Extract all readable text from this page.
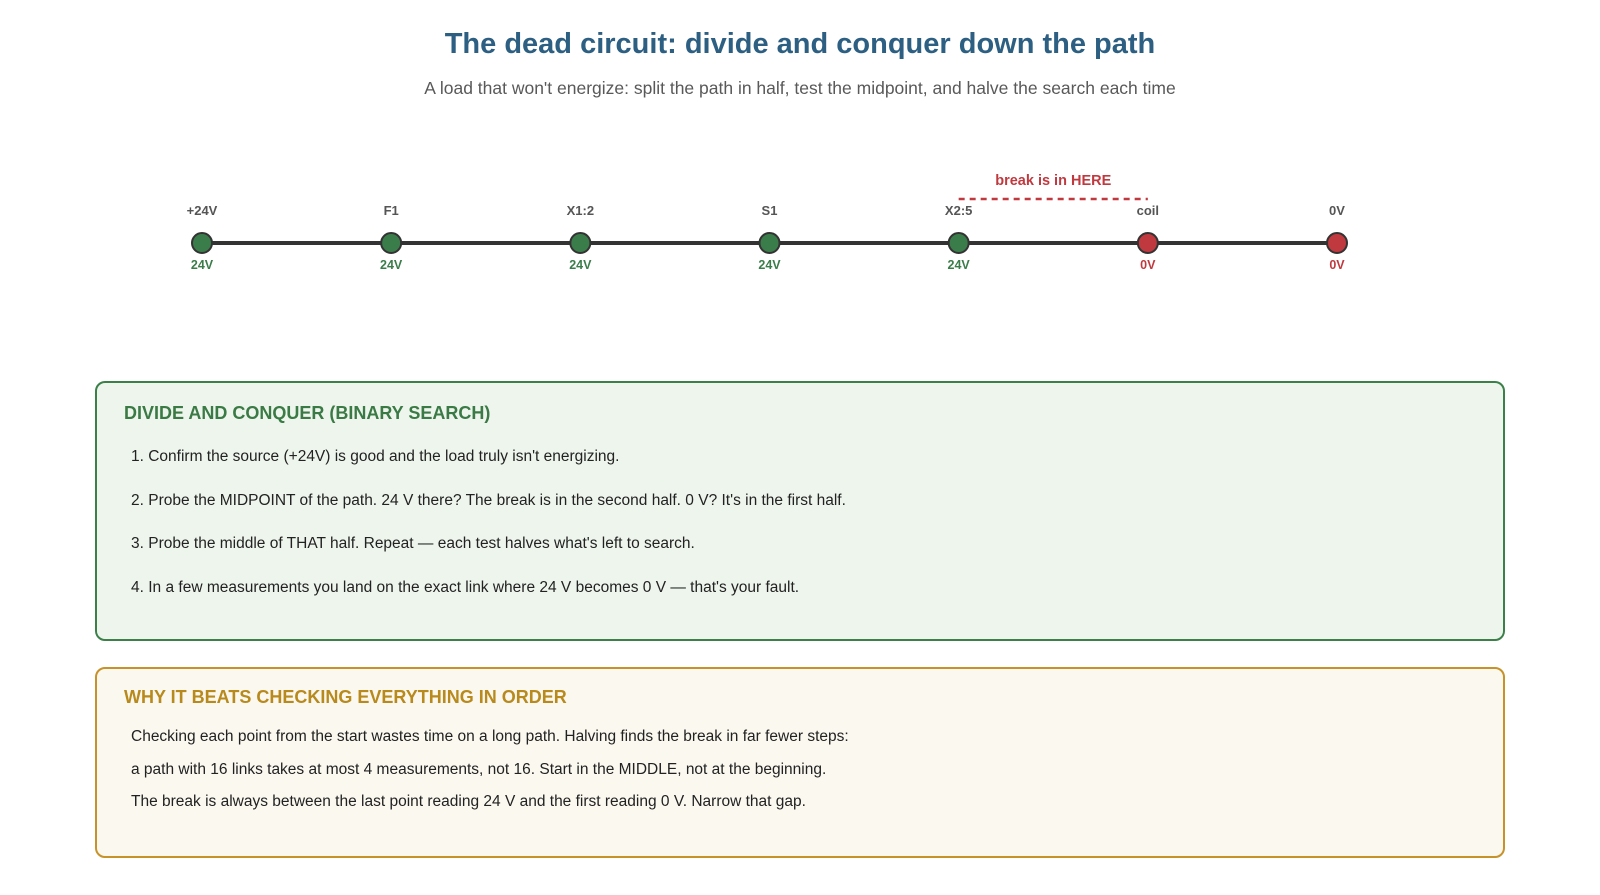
The dead circuit: divide and conquer down the path
A load that won't energize: split the path in half, test the midpoint, and halve the search each time
break is in HERE
+24V
24V
F1
24V
X1:2
24V
S1
24V
X2:5
24V
coil
0V
0V
0V
DIVIDE AND CONQUER (BINARY SEARCH)
1. Confirm the source (+24V) is good and the load truly isn't energizing.
2. Probe the MIDPOINT of the path. 24 V there? The break is in the second half. 0 V? It's in the first half.
3. Probe the middle of THAT half. Repeat — each test halves what's left to search.
4. In a few measurements you land on the exact link where 24 V becomes 0 V — that's your fault.
WHY IT BEATS CHECKING EVERYTHING IN ORDER
Checking each point from the start wastes time on a long path. Halving finds the break in far fewer steps:
a path with 16 links takes at most 4 measurements, not 16. Start in the MIDDLE, not at the beginning.
The break is always between the last point reading 24 V and the first reading 0 V. Narrow that gap.
